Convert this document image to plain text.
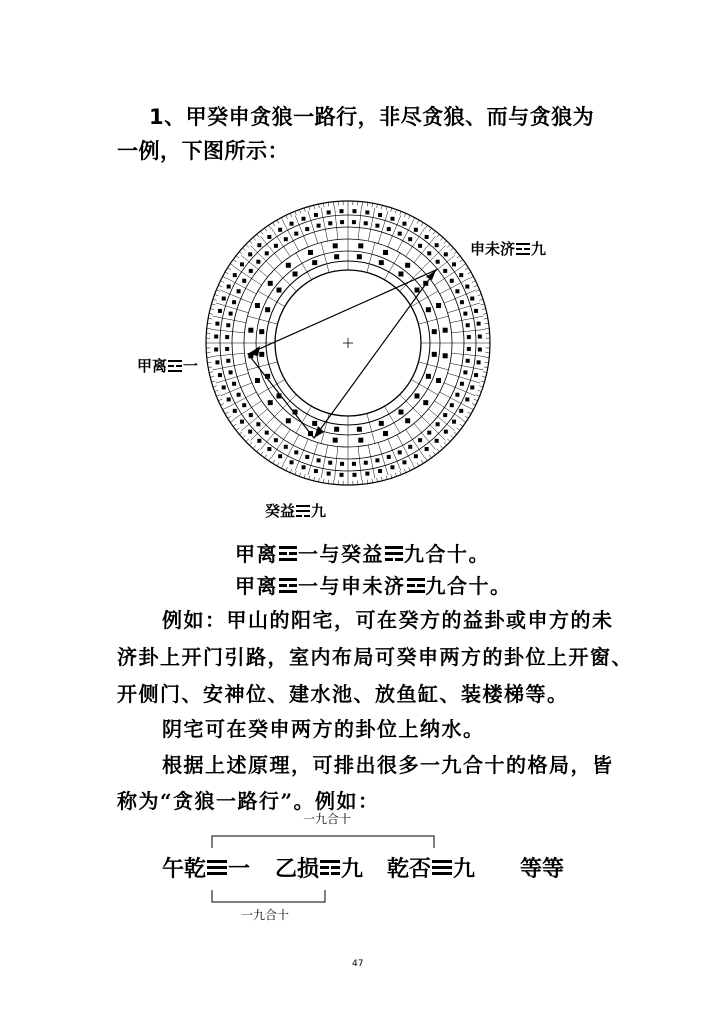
1、甲癸申贪狼一路行，非尽贪狼、而与贪狼为
一例，下图所示：
申未济 九
甲离 一
癸益 九
甲离 一与癸益 九合十。
甲离 一与申未济 九合十。
例如：甲山的阳宅，可在癸方的益卦或申方的未
济卦上开门引路，室内布局可癸申两方的卦位上开窗、
开侧门、安神位、建水池、放鱼缸、装楼梯等。
阴宅可在癸申两方的卦位上纳水。
根据上述原理，可排出很多一九合十的格局，皆
称为“贪狼一路行”。例如：
一九合十
一九合十
午乾 一 乙损 九 乾否 九 等等
47
